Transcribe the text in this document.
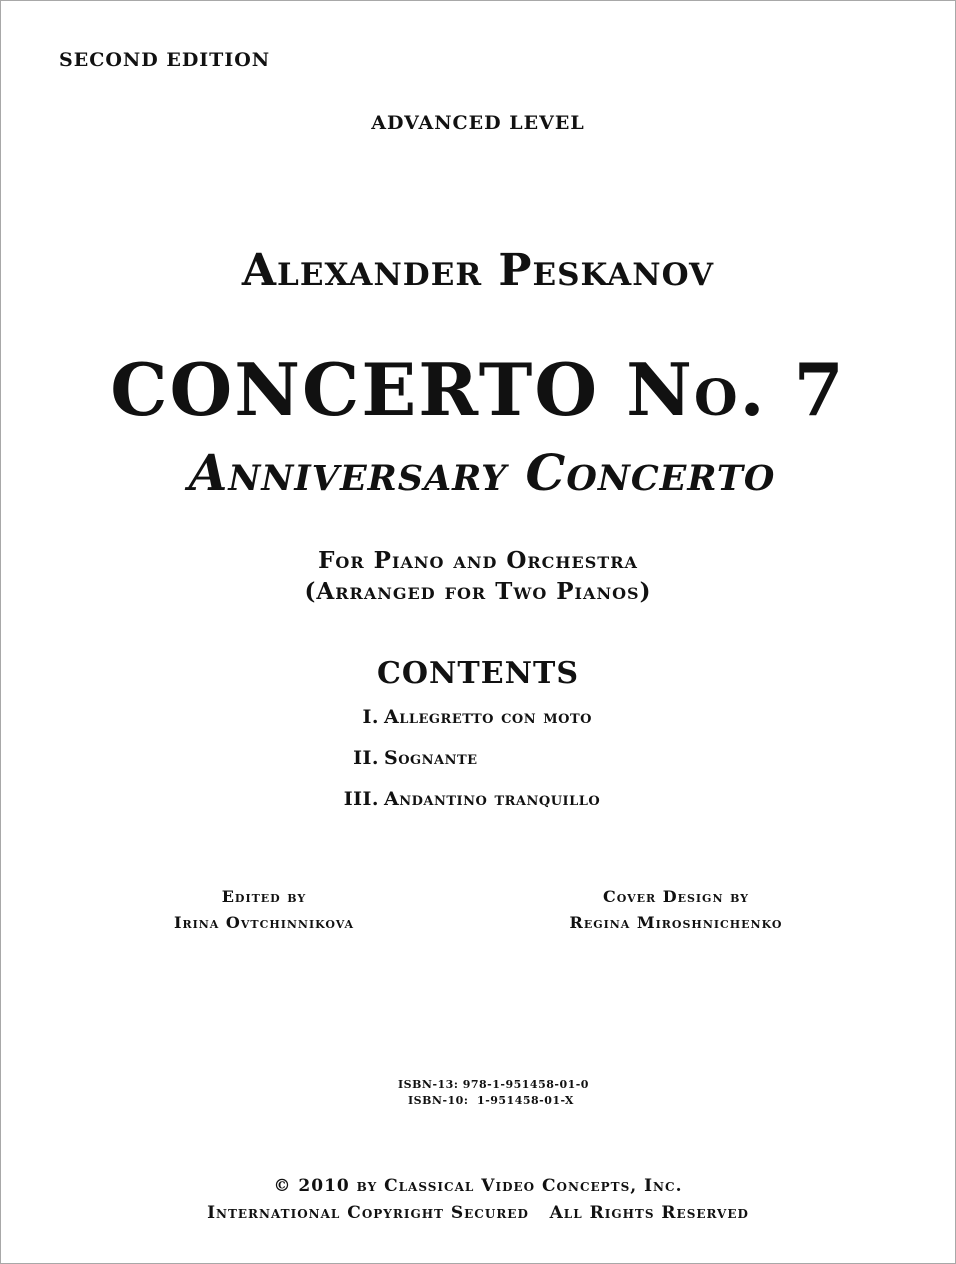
SECOND EDITION
ADVANCED LEVEL
Alexander Peskanov
CONCERTO No. 7
Anniversary Concerto
For Piano and Orchestra
(Arranged for Two Pianos)
CONTENTS
I. Allegretto con moto
II. Sognante
III. Andantino tranquillo
Edited by
Irina Ovtchinnikova
Cover Design by
Regina Miroshnichenko
ISBN-13: 978-1-951458-01-0
ISBN-10:  1-951458-01-X
© 2010 by Classical Video Concepts, Inc.
International Copyright Secured   All Rights Reserved
